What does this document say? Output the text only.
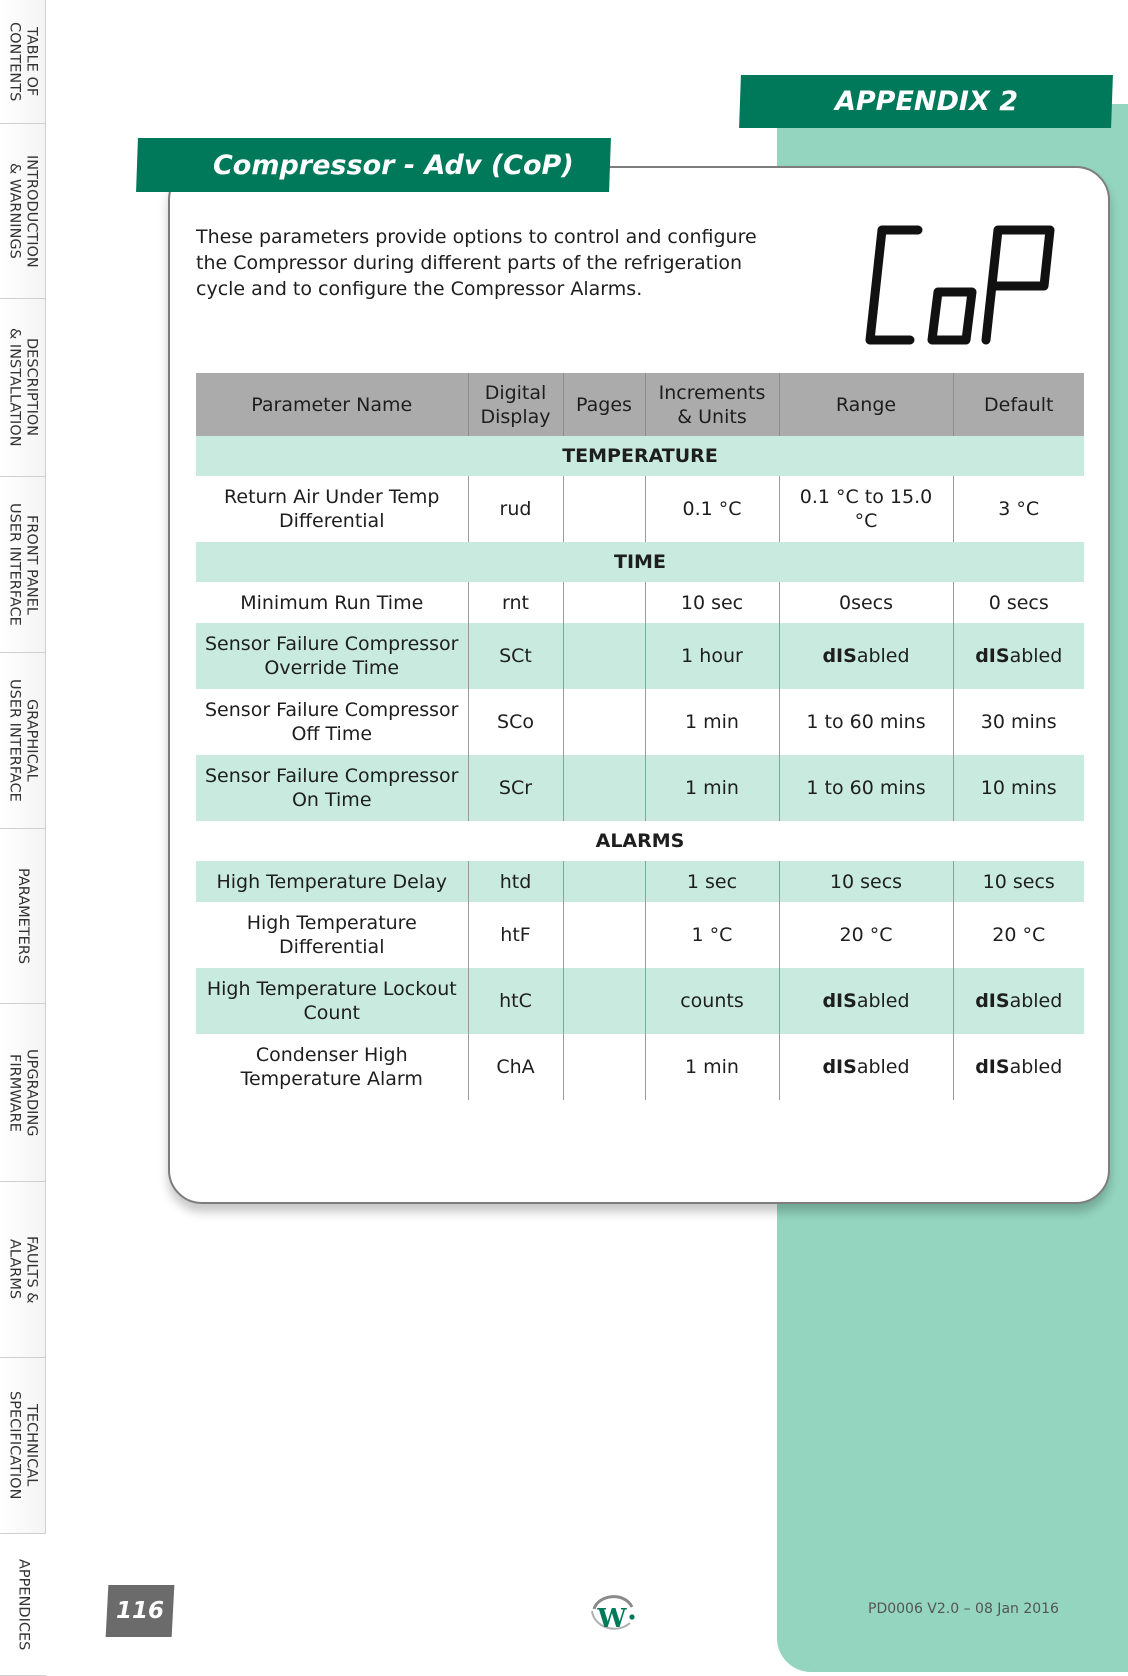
TABLE OF
CONTENTS
INTRODUCTION
& WARNINGS
DESCRIPTION
& INSTALLATION
FRONT PANEL
USER INTERFACE
GRAPHICAL
USER INTERFACE
PARAMETERS
UPGRADING
FIRMWARE
FAULTS &
ALARMS
TECHNICAL
SPECIFICATION
APPENDICES
APPENDIX 2
Compressor - Adv (CoP)

These parameters provide options to control and configure the Compressor during different parts of the refrigeration cycle and to configure the Compressor Alarms.

Parameter Name	Digital Display	Pages	Increments & Units	Range	Default
TEMPERATURE					
Return Air Under Temp Differential	rud		0.1 °C	0.1 °C to 15.0 °C	3 °C
TIME					
Minimum Run Time	rnt		10 sec	0secs	0 secs
Sensor Failure Compressor Override Time	SCt		1 hour	dISabled	dISabled
Sensor Failure Compressor Off Time	SCo		1 min	1 to 60 mins	30 mins
Sensor Failure Compressor On Time	SCr		1 min	1 to 60 mins	10 mins
ALARMS					
High Temperature Delay	htd		1 sec	10 secs	10 secs
High Temperature Differential	htF		1 °C	20 °C	20 °C
High Temperature Lockout Count	htC		counts	dISabled	dISabled
Condenser High Temperature Alarm	ChA		1 min	dISabled	dISabled
116	W	PD0006 V2.0 – 08 Jan 2016
